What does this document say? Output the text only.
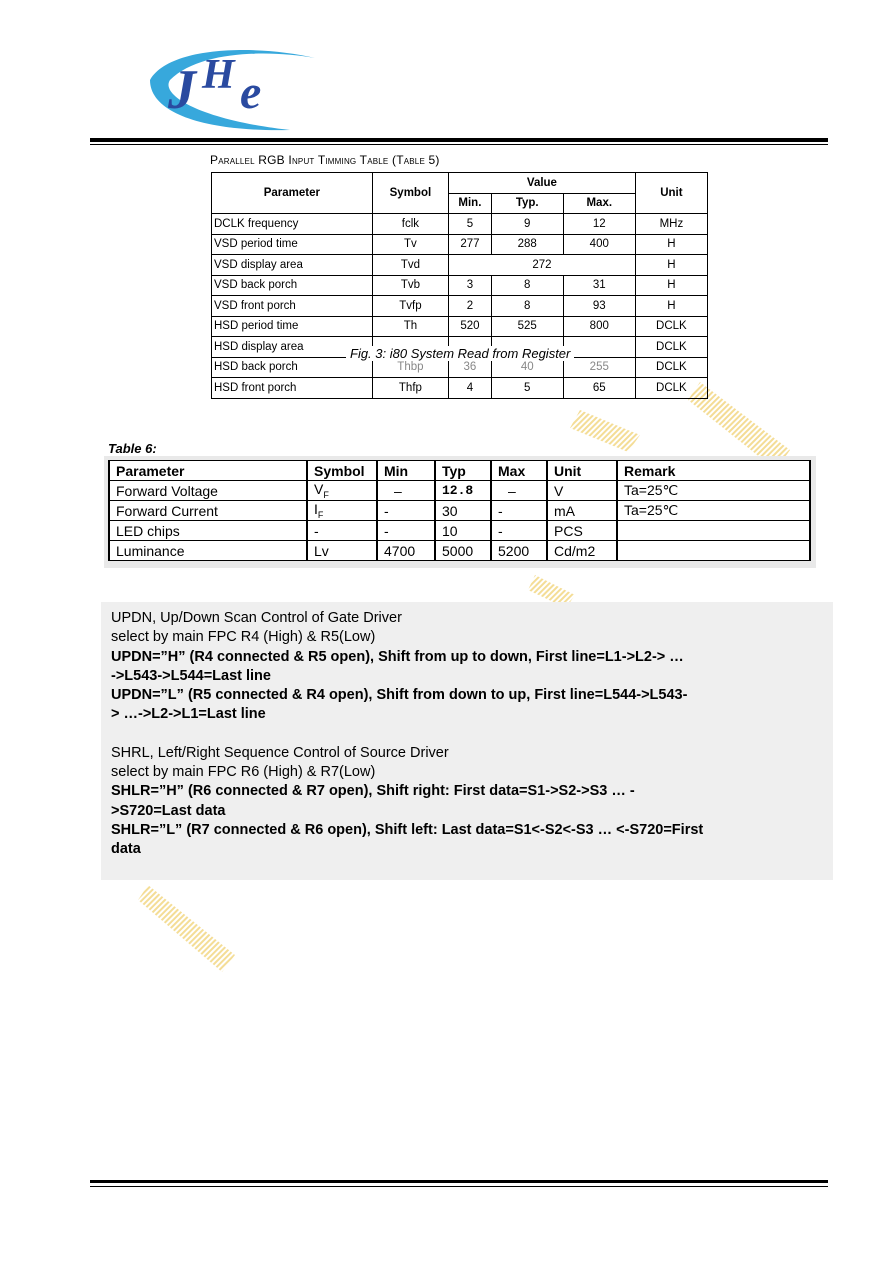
J H e
Parallel RGB Input Timming Table (Table 5)
Parameter	Symbol	Value			Unit
		Min.	Typ.	Max.	
DCLK frequency	fclk	5	9	12	MHz
VSD period time	Tv	277	288	400	H
VSD display area	Tvd	272			H
VSD back porch	Tvb	3	8	31	H
VSD front porch	Tvfp	2	8	93	H
HSD period time	Th	520	525	800	DCLK
HSD display area					DCLK
HSD back porch	Thbp	36	40	255	DCLK
HSD front porch	Thfp	4	5	65	DCLK
Fig. 3: i80 System Read from Register
Table 6:
Parameter	Symbol	Min	Typ	Max	Unit	Remark
Forward Voltage	$V_F$	–	12.8	–	V	Ta=25℃
Forward Current	$I_F$	-	30	-	mA	Ta=25℃
LED chips	-	-	10	-	PCS	
Luminance	Lv	4700	5000	5200	Cd/m2	

UPDN, Up/Down Scan Control of Gate Driver

select by main FPC R4 (High) & R5(Low)

UPDN=”H” (R4 connected & R5 open), Shift from up to down, First line=L1->L2-> …

->L543->L544=Last line

UPDN=”L” (R5 connected & R4 open), Shift from down to up, First line=L544->L543-

> …->L2->L1=Last line

SHRL, Left/Right Sequence Control of Source Driver

select by main FPC R6 (High) & R7(Low)

SHLR=”H” (R6 connected & R7 open), Shift right: First data=S1->S2->S3 … -

>S720=Last data

SHLR=”L” (R7 connected & R6 open), Shift left: Last data=S1<-S2<-S3 … <-S720=First

data
